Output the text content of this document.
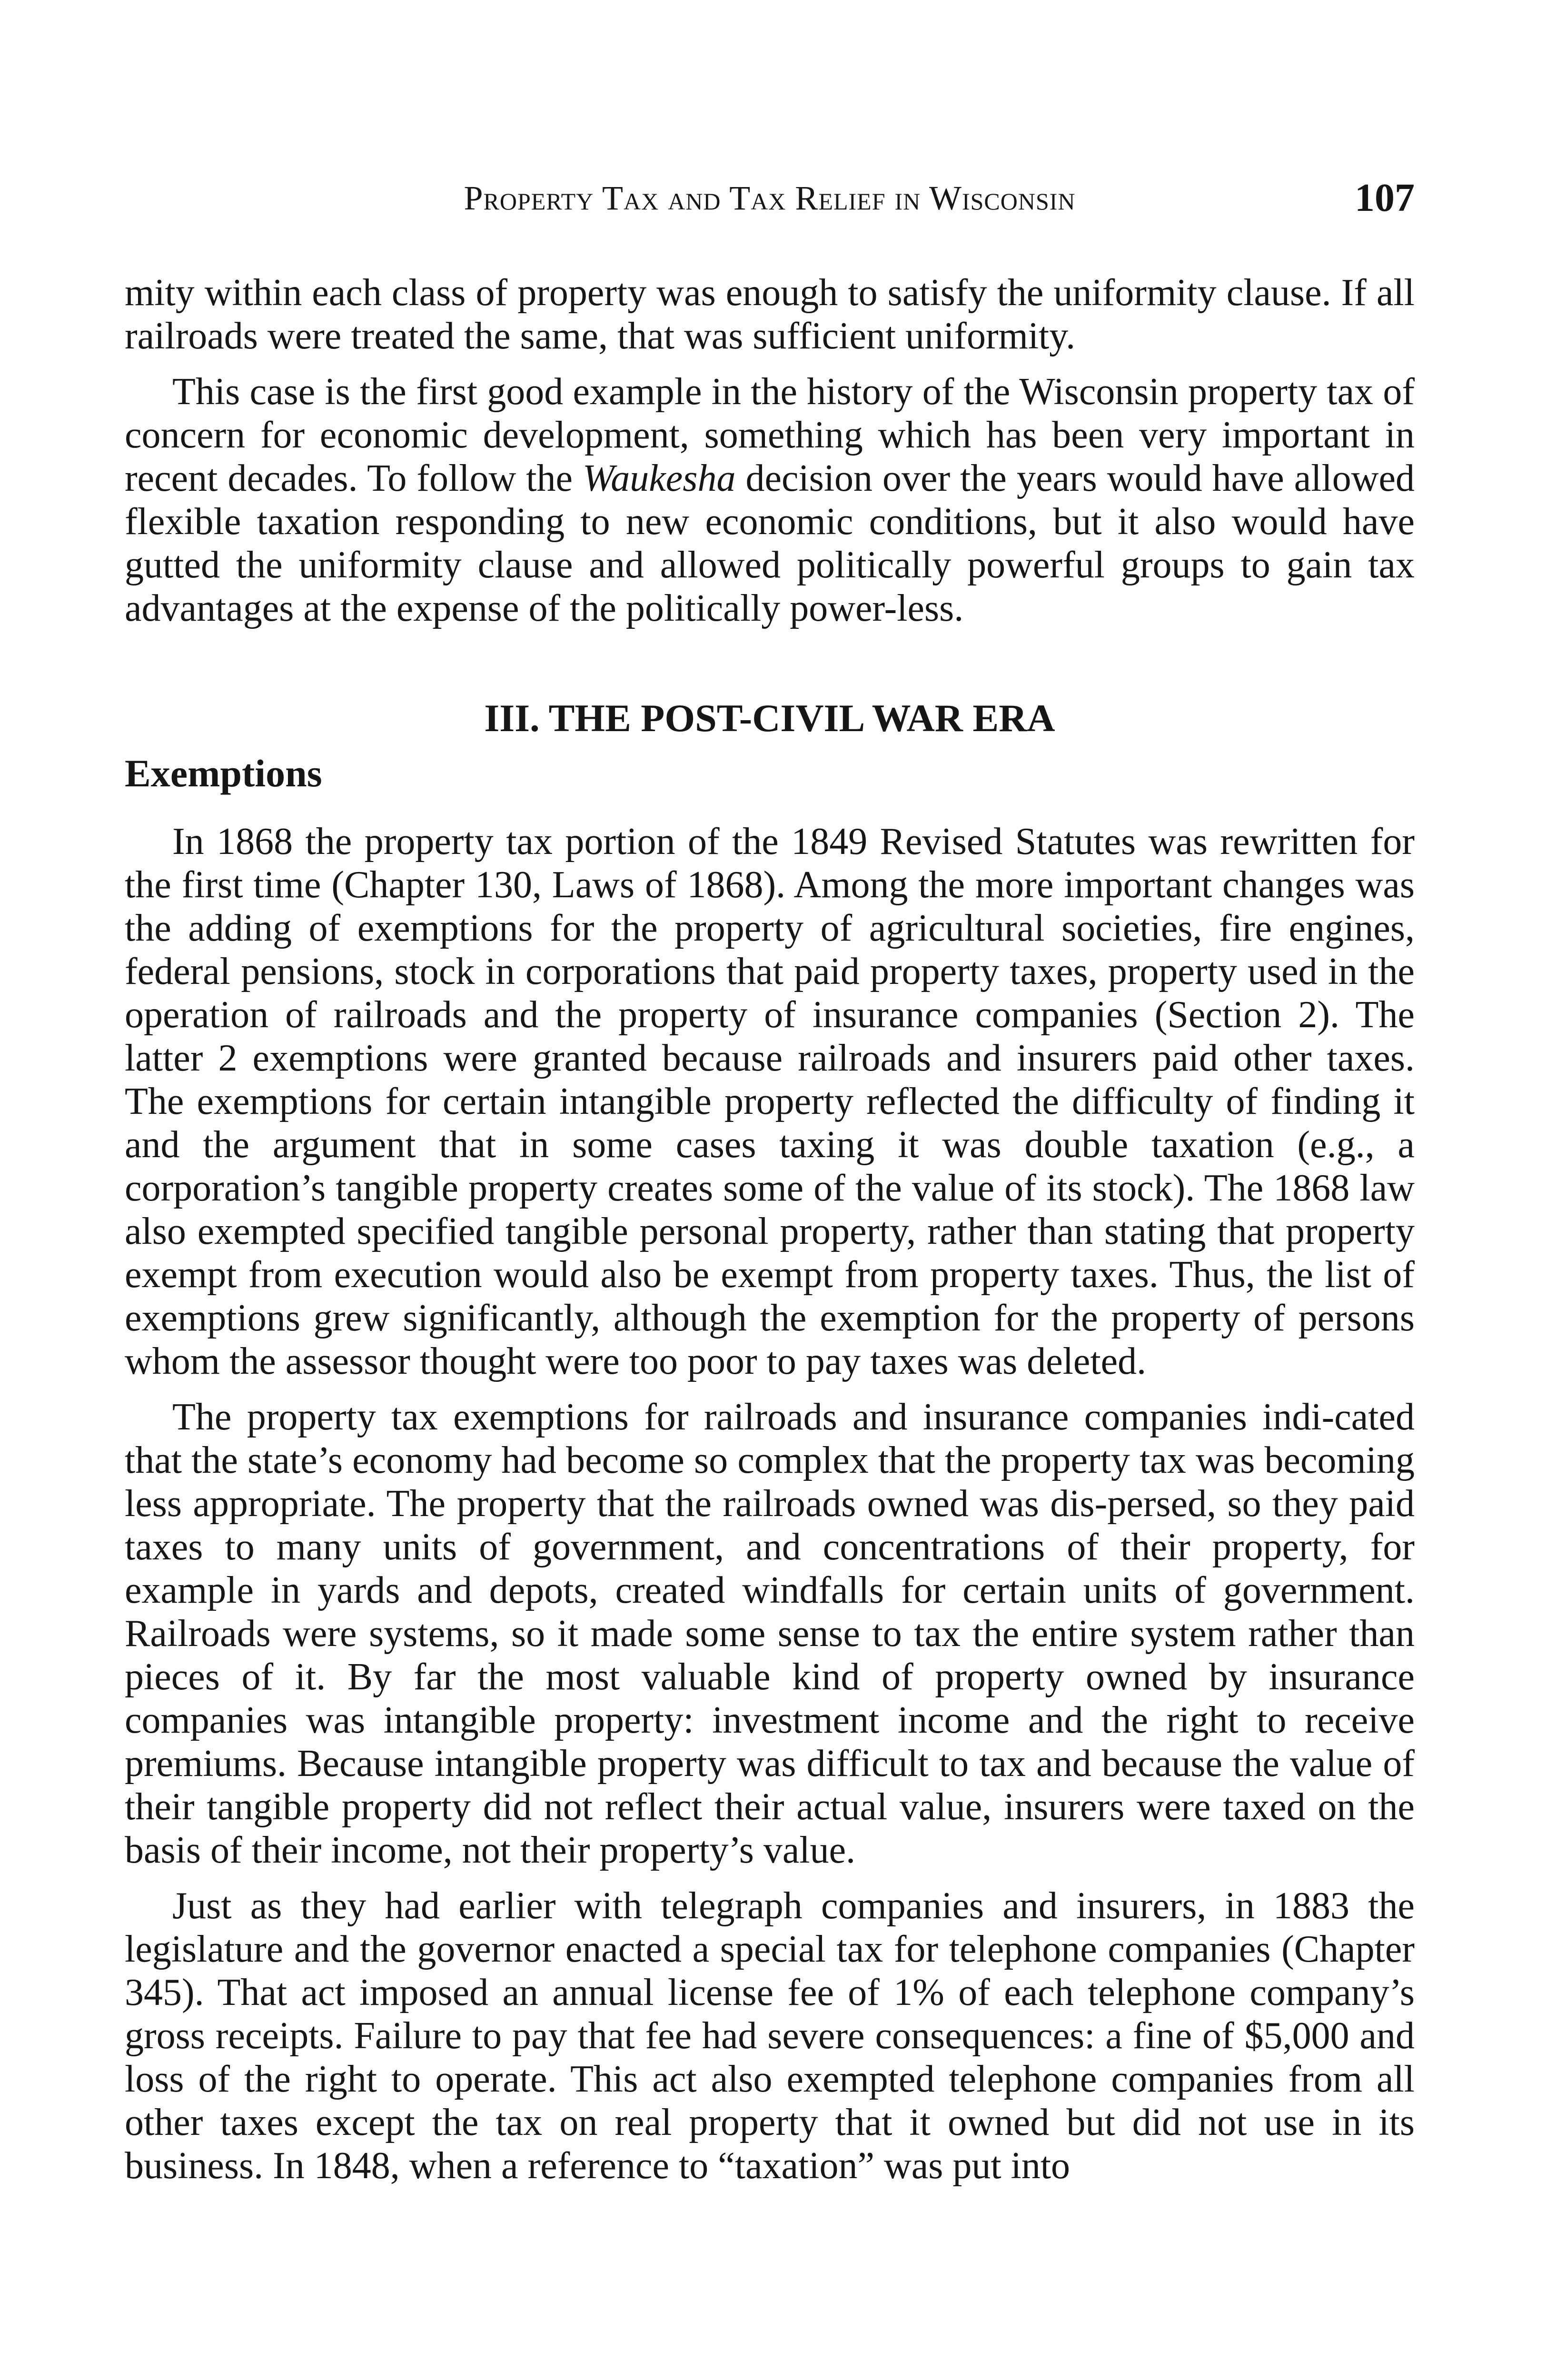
Property Tax and Tax Relief in Wisconsin	107

mity within each class of property was enough to satisfy the uniformity clause. If all railroads were treated the same, that was sufficient uniformity.

This case is the first good example in the history of the Wisconsin property tax of concern for economic development, something which has been very important in recent decades. To follow the Waukesha decision over the years would have allowed flexible taxation responding to new economic conditions, but it also would have gutted the uniformity clause and allowed politically powerful groups to gain tax advantages at the expense of the politically power-less.

III. THE POST-CIVIL WAR ERA
Exemptions

In 1868 the property tax portion of the 1849 Revised Statutes was rewritten for the first time (Chapter 130, Laws of 1868). Among the more important changes was the adding of exemptions for the property of agricultural societies, fire engines, federal pensions, stock in corporations that paid property taxes, property used in the operation of railroads and the property of insurance companies (Section 2). The latter 2 exemptions were granted because railroads and insurers paid other taxes. The exemptions for certain intangible property reflected the difficulty of finding it and the argument that in some cases taxing it was double taxation (e.g., a corporation’s tangible property creates some of the value of its stock). The 1868 law also exempted specified tangible personal property, rather than stating that property exempt from execution would also be exempt from property taxes. Thus, the list of exemptions grew significantly, although the exemption for the property of persons whom the assessor thought were too poor to pay taxes was deleted.

The property tax exemptions for railroads and insurance companies indi-cated that the state’s economy had become so complex that the property tax was becoming less appropriate. The property that the railroads owned was dis-persed, so they paid taxes to many units of government, and concentrations of their property, for example in yards and depots, created windfalls for certain units of government. Railroads were systems, so it made some sense to tax the entire system rather than pieces of it. By far the most valuable kind of property owned by insurance companies was intangible property: investment income and the right to receive premiums. Because intangible property was difficult to tax and because the value of their tangible property did not reflect their actual value, insurers were taxed on the basis of their income, not their property’s value.

Just as they had earlier with telegraph companies and insurers, in 1883 the legislature and the governor enacted a special tax for telephone companies (Chapter 345). That act imposed an annual license fee of 1% of each telephone company’s gross receipts. Failure to pay that fee had severe consequences: a fine of $5,000 and loss of the right to operate. This act also exempted telephone companies from all other taxes except the tax on real property that it owned but did not use in its business. In 1848, when a reference to “taxation” was put into
